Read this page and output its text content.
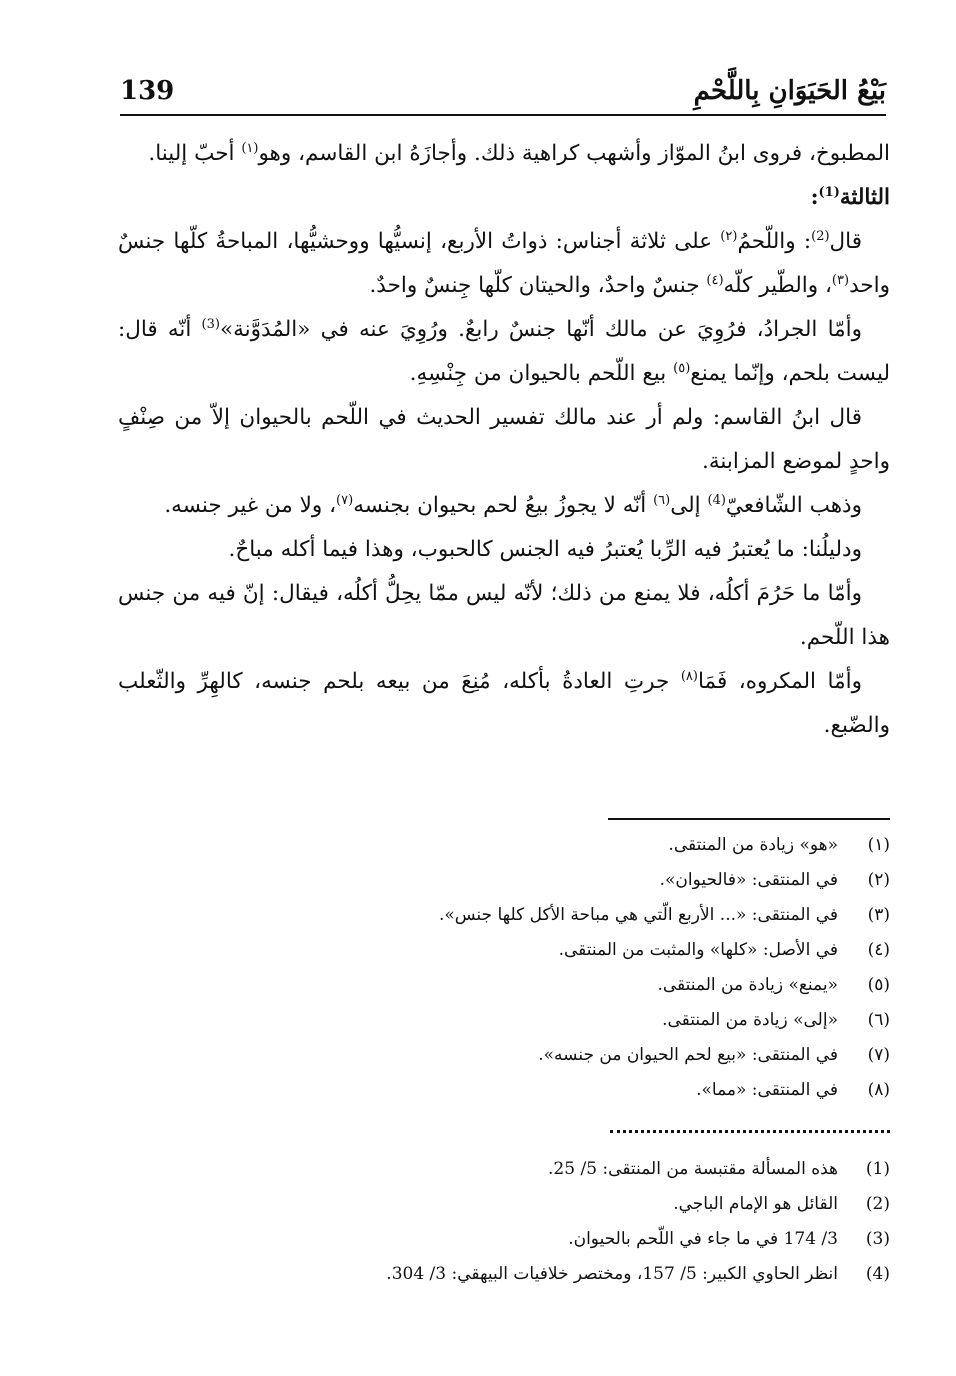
139	بَيْعُ الحَيَوَانِ بِاللَّحْمِ

المطبوخ، فروى ابنُ الموّاز وأشهب كراهية ذلك. وأجازَهُ ابن القاسم، وهو$^{(١)}$ أحبّ إلينا.

الثالثة$^{(1)}$:

قال$^{(2)}$: واللّحمُ$^{(٢)}$ على ثلاثة أجناس: ذواتُ الأربع، إنسيُّها ووحشيُّها، المباحةُ كلّها جنسٌ واحد$^{(٣)}$، والطّير كلّه$^{(٤)}$ جنسٌ واحدٌ، والحيتان كلّها جِنسٌ واحدٌ.

وأمّا الجرادُ، فرُوِيَ عن مالك أنّها جنسٌ رابعٌ. ورُوِيَ عنه في «المُدَوَّنة»$^{(3)}$ أنّه قال: ليست بلحم، وإنّما يمنع$^{(٥)}$ بيع اللّحم بالحيوان من جِنْسِهِ.

قال ابنُ القاسم: ولم أر عند مالك تفسير الحديث في اللّحم بالحيوان إلاّ من صِنْفٍ واحدٍ لموضع المزابنة.

وذهب الشّافعيّ$^{(4)}$ إلى$^{(٦)}$ أنّه لا يجوزُ بيعُ لحم بحيوان بجنسه$^{(٧)}$، ولا من غير جنسه.

ودليلُنا: ما يُعتبرُ فيه الرِّبا يُعتبرُ فيه الجنس كالحبوب، وهذا فيما أكله مباحٌ.

وأمّا ما حَرُمَ أكلُه، فلا يمنع من ذلك؛ لأنّه ليس ممّا يحِلُّ أكلُه، فيقال: إنّ فيه من جنس هذا اللّحم.

وأمّا المكروه، فَمَا$^{(٨)}$ جرتِ العادةُ بأكله، مُنِعَ من بيعه بلحم جنسه، كالهِرِّ والثّعلب والضّبع.

(١)«هو» زيادة من المنتقى.
(٢)في المنتقى: «فالحيوان».
(٣)في المنتقى: «... الأربع الّتي هي مباحة الأكل كلها جنس».
(٤)في الأصل: «كلها» والمثبت من المنتقى.
(٥)«يمنع» زيادة من المنتقى.
(٦)«إلى» زيادة من المنتقى.
(٧)في المنتقى: «بيع لحم الحيوان من جنسه».
(٨)في المنتقى: «مما».
(1)هذه المسألة مقتبسة من المنتقى: 5/ 25.
(2)القائل هو الإمام الباجي.
(3)3/ 174 في ما جاء في اللّحم بالحيوان.
(4)انظر الحاوي الكبير: 5/ 157، ومختصر خلافيات البيهقي: 3/ 304.
